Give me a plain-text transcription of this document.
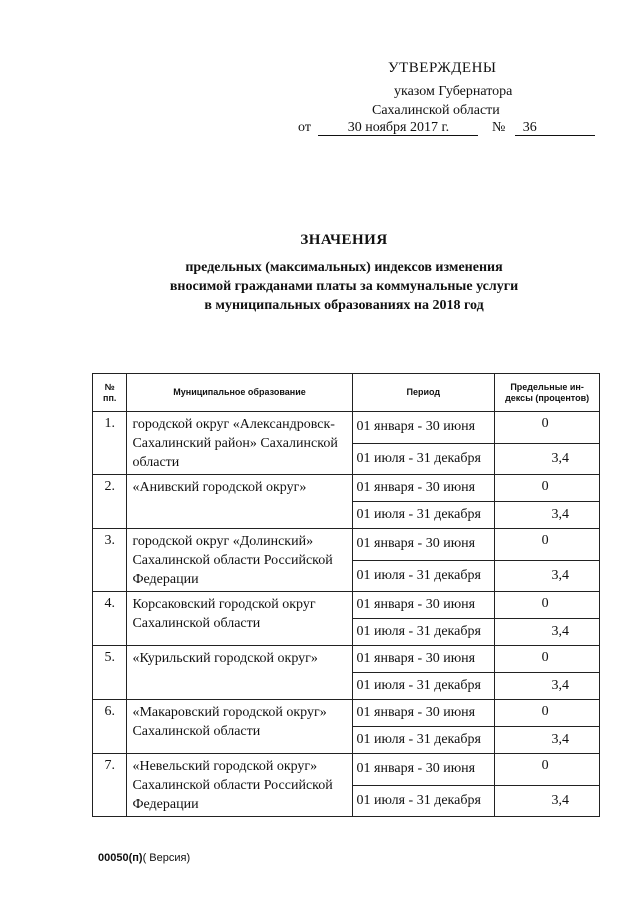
УТВЕРЖДЕНЫ
указом Губернатора
Сахалинской области
от	30 ноября 2017 г.	№ 36
ЗНАЧЕНИЯ
предельных (максимальных) индексов изменения
вносимой гражданами платы за коммунальные услуги
в муниципальных образованиях на 2018 год
№
пп.	Муниципальное образование	Период	Предельные ин-
дексы (процентов)
1.	городской округ «Александровск-Сахалинский район» Сахалинской области	01 января - 30 июня	0
		01 июля - 31 декабря	3,4
2.	«Анивский городской округ»	01 января - 30 июня	0
		01 июля - 31 декабря	3,4
3.	городской округ «Долинский» Сахалинской области Российской Федерации	01 января - 30 июня	0
		01 июля - 31 декабря	3,4
4.	Корсаковский городской округ Сахалинской области	01 января - 30 июня	0
		01 июля - 31 декабря	3,4
5.	«Курильский городской округ»	01 января - 30 июня	0
		01 июля - 31 декабря	3,4
6.	«Макаровский городской округ» Сахалинской области	01 января - 30 июня	0
		01 июля - 31 декабря	3,4
7.	«Невельский городской округ» Сахалинской области Российской Федерации	01 января - 30 июня	0
		01 июля - 31 декабря	3,4
00050(п)( Версия)
